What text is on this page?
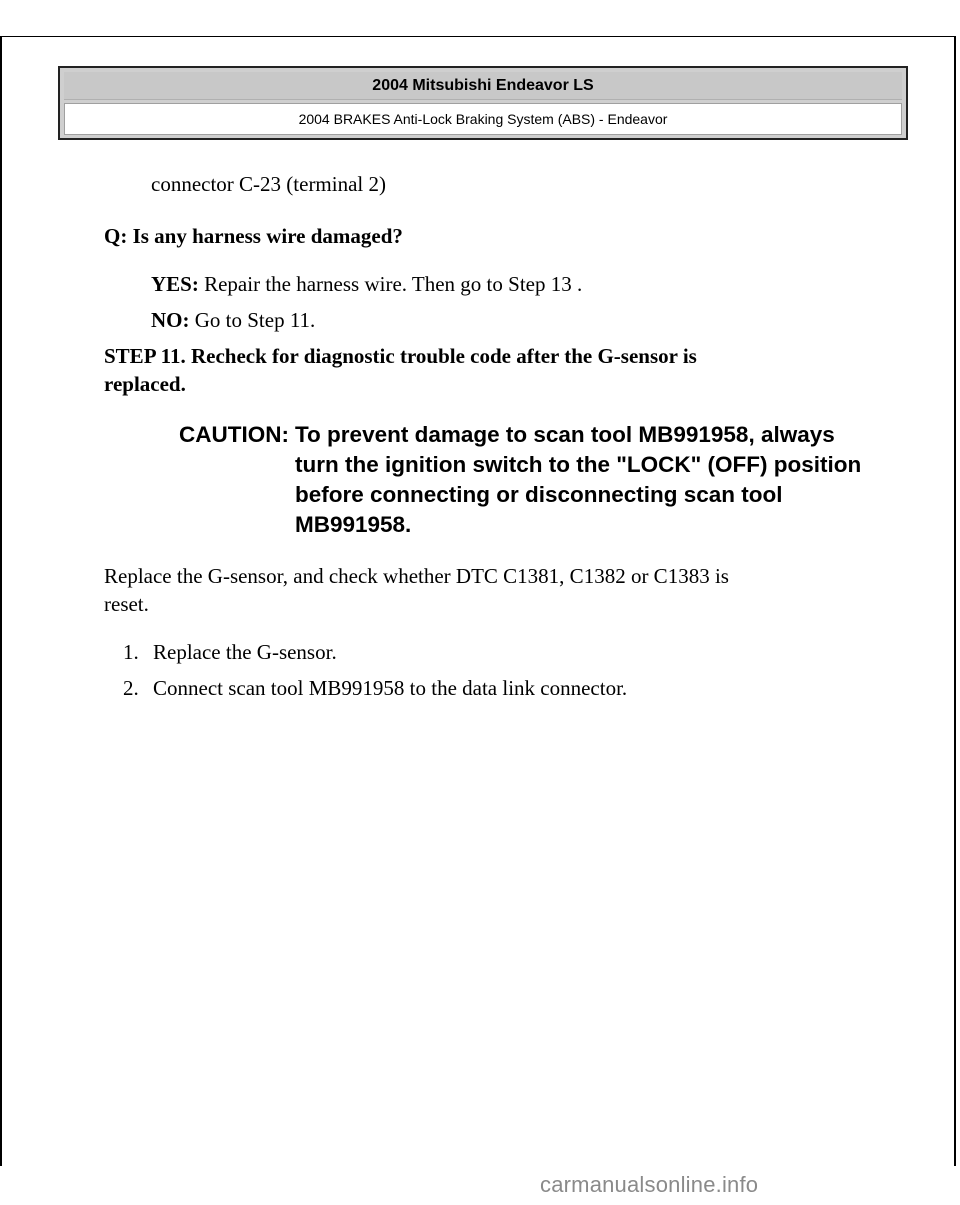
2004 Mitsubishi Endeavor LS
2004 BRAKES Anti-Lock Braking System (ABS) - Endeavor

connector C-23 (terminal 2)

Q: Is any harness wire damaged?

YES: Repair the harness wire. Then go to Step 13 .

NO: Go to Step 11.

STEP 11. Recheck for diagnostic trouble code after the G-sensor is

replaced.

CAUTION: To prevent damage to scan tool MB991958, always turn the ignition switch to the "LOCK" (OFF) position before connecting or disconnecting scan tool MB991958.

Replace the G-sensor, and check whether DTC C1381, C1382 or C1383 is

reset.

1. Replace the G-sensor.
2. Connect scan tool MB991958 to the data link connector.
carmanualsonline.info
